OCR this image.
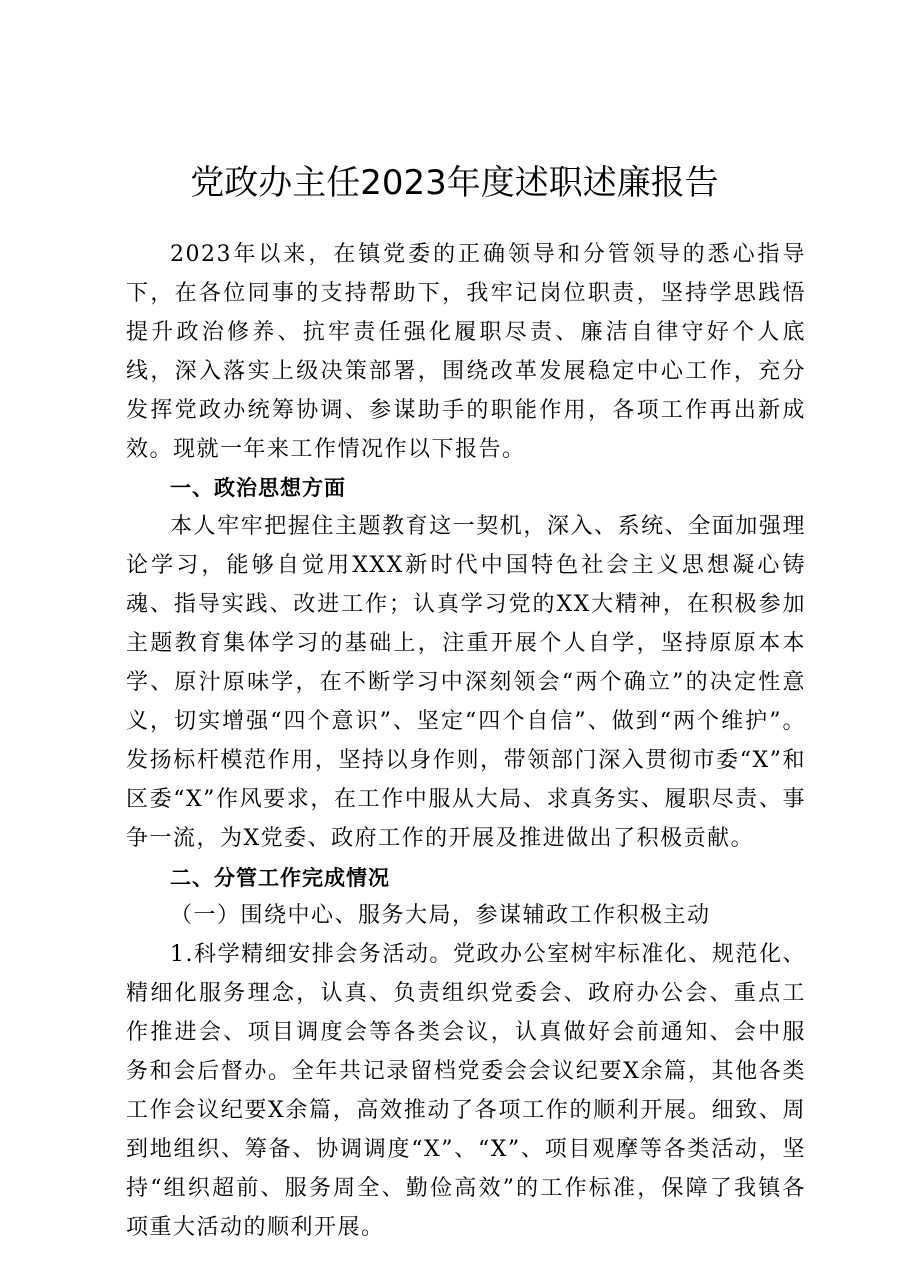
党政办主任2023年度述职述廉报告

2023年以来，在镇党委的正确领导和分管领导的悉心指导下，在各位同事的支持帮助下，我牢记岗位职责，坚持学思践悟提升政治修养、抗牢责任强化履职尽责、廉洁自律守好个人底线，深入落实上级决策部署，围绕改革发展稳定中心工作，充分发挥党政办统筹协调、参谋助手的职能作用，各项工作再出新成效。现就一年来工作情况作以下报告。

一、政治思想方面

本人牢牢把握住主题教育这一契机，深入、系统、全面加强理论学习，能够自觉用XXX新时代中国特色社会主义思想凝心铸魂、指导实践、改进工作；认真学习党的XX大精神，在积极参加主题教育集体学习的基础上，注重开展个人自学，坚持原原本本学、原汁原味学，在不断学习中深刻领会“两个确立”的决定性意义，切实增强“四个意识”、坚定“四个自信”、做到“两个维护”。发扬标杆模范作用，坚持以身作则，带领部门深入贯彻市委“X”和区委“X”作风要求，在工作中服从大局、求真务实、履职尽责、事争一流，为X党委、政府工作的开展及推进做出了积极贡献。

二、分管工作完成情况

（一）围绕中心、服务大局，参谋辅政工作积极主动

1.科学精细安排会务活动。党政办公室树牢标准化、规范化、精细化服务理念，认真、负责组织党委会、政府办公会、重点工作推进会、项目调度会等各类会议，认真做好会前通知、会中服务和会后督办。全年共记录留档党委会会议纪要X余篇，其他各类工作会议纪要X余篇，高效推动了各项工作的顺利开展。细致、周到地组织、筹备、协调调度“X”、“X”、项目观摩等各类活动，坚持“组织超前、服务周全、勤俭高效”的工作标准，保障了我镇各项重大活动的顺利开展。
